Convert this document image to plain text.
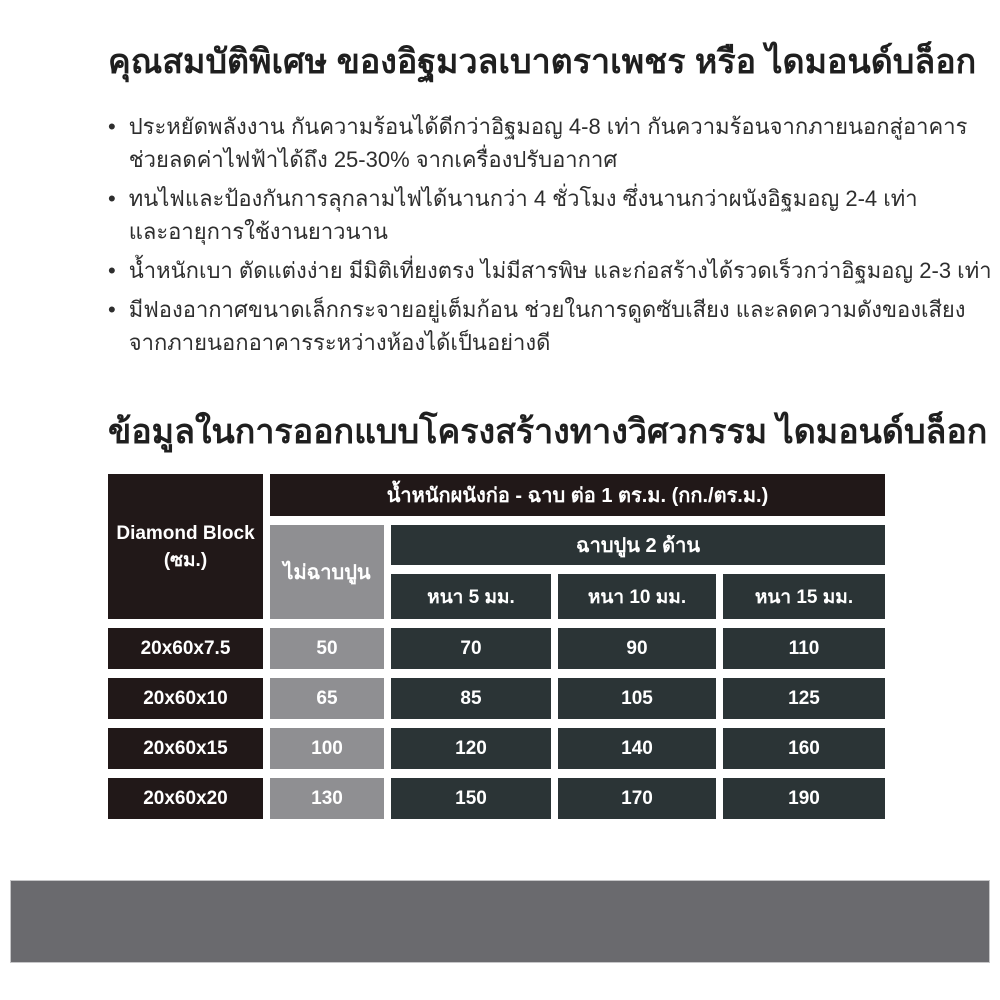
คุณสมบัติพิเศษ ของอิฐมวลเบาตราเพชร หรือ ไดมอนด์บล็อก
• ประหยัดพลังงาน กันความร้อนได้ดีกว่าอิฐมอญ 4-8 เท่า กันความร้อนจากภายนอกสู่อาคาร
ช่วยลดค่าไฟฟ้าได้ถึง 25-30% จากเครื่องปรับอากาศ
• ทนไฟและป้องกันการลุกลามไฟได้นานกว่า 4 ชั่วโมง ซึ่งนานกว่าผนังอิฐมอญ 2-4 เท่า
และอายุการใช้งานยาวนาน
• น้ำหนักเบา ตัดแต่งง่าย มีมิติเที่ยงตรง ไม่มีสารพิษ และก่อสร้างได้รวดเร็วกว่าอิฐมอญ 2-3 เท่า
• มีฟองอากาศขนาดเล็กกระจายอยู่เต็มก้อน ช่วยในการดูดซับเสียง และลดความดังของเสียง
จากภายนอกอาคารระหว่างห้องได้เป็นอย่างดี
ข้อมูลในการออกแบบโครงสร้างทางวิศวกรรม ไดมอนด์บล็อก
Diamond Block
(ซม.)
น้ำหนักผนังก่อ - ฉาบ ต่อ 1 ตร.ม. (กก./ตร.ม.)
ไม่ฉาบปูน
ฉาบปูน 2 ด้าน
หนา 5 มม.	หนา 10 มม.	หนา 15 มม.
20x60x7.5	50	70	90	110
20x60x10	65	85	105	125
20x60x15	100	120	140	160
20x60x20	130	150	170	190
